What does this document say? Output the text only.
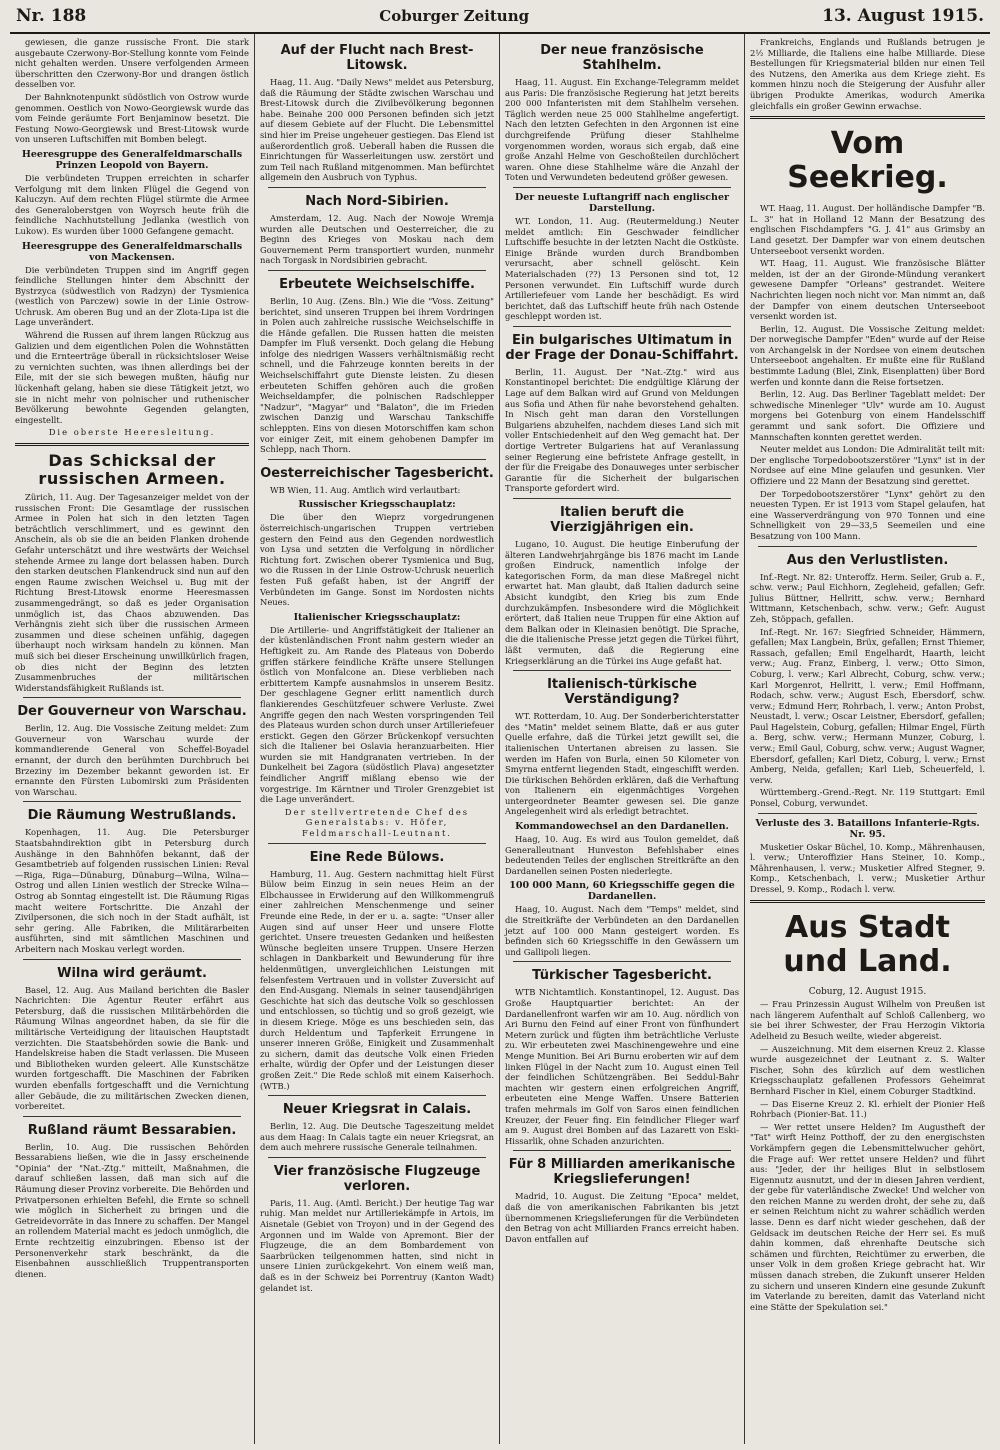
Nr. 188	Coburger Zeitung	13. August 1915.

gewiesen, die ganze russische Front. Die stark ausgebaute Czerwony-Bor-Stellung konnte vom Feinde nicht gehalten werden. Unsere verfolgenden Armeen überschritten den Czerwony-Bor und drangen östlich desselben vor.

Der Bahnknotenpunkt südöstlich von Ostrow wurde genommen. Oestlich von Nowo-Georgiewsk wurde das vom Feinde geräumte Fort Benjaminow besetzt. Die Festung Nowo-Georgiewsk und Brest-Litowsk wurde von unseren Luftschiffen mit Bomben belegt.

Heeresgruppe des Generalfeldmarschalls Prinzen Leopold von Bayern.

Die verbündeten Truppen erreichten in scharfer Verfolgung mit dem linken Flügel die Gegend von Kaluczyn. Auf dem rechten Flügel stürmte die Armee des Generaloberstgen von Woyrsch heute früh die feindliche Nachhutstellung Jedlanka (westlich von Lukow). Es wurden über 1000 Gefangene gemacht.

Heeresgruppe des Generalfeldmarschalls von Mackensen.

Die verbündeten Truppen sind im Angriff gegen feindliche Stellungen hinter dem Abschnitt der Bystrzyca (südwestlich von Radzyn) der Tysmienica (westlich von Parczew) sowie in der Linie Ostrow-Uchrusk. Am oberen Bug und an der Zlota-Lipa ist die Lage unverändert.

Während die Russen auf ihrem langen Rückzug aus Galizien und dem eigentlichen Polen die Wohnstätten und die Ernteerträge überall in rücksichtsloser Weise zu vernichten suchten, was ihnen allerdings bei der Eile, mit der sie sich bewegen mußten, häufig nur lückenhaft gelang, haben sie diese Tätigkeit jetzt, wo sie in nicht mehr von polnischer und ruthenischer Bevölkerung bewohnte Gegenden gelangten, eingestellt.

Die oberste Heeresleitung.
Das Schicksal der russischen Armeen.

Zürich, 11. Aug. Der Tagesanzeiger meldet von der russischen Front: Die Gesamtlage der russischen Armee in Polen hat sich in den letzten Tagen beträchtlich verschlimmert, und es gewinnt den Anschein, als ob sie die an beiden Flanken drohende Gefahr unterschätzt und ihre westwärts der Weichsel stehende Armee zu lange dort belassen haben. Durch den starken deutschen Flankendruck sind nun auf den engen Raume zwischen Weichsel u. Bug mit der Richtung Brest-Litowsk enorme Heeresmassen zusammengedrängt, so daß es jeder Organisation unmöglich ist, das Chaos abzuwenden. Das Verhängnis zieht sich über die russischen Armeen zusammen und diese scheinen unfähig, dagegen überhaupt noch wirksam handeln zu können. Man muß sich bei dieser Erscheinung unwillkürlich fragen, ob dies nicht der Beginn des letzten Zusammenbruches der militärischen Widerstandsfähigkeit Rußlands ist.

Der Gouverneur von Warschau.

Berlin, 12. Aug. Die Vossische Zeitung meldet: Zum Gouverneur von Warschau wurde der kommandierende General von Scheffel-Boyadel ernannt, der durch den berühmten Durchbruch bei Brzeziny im Dezember bekannt geworden ist. Er ernannte den Fürsten Lubomirski zum Präsidenten von Warschau.

Die Räumung Westrußlands.

Kopenhagen, 11. Aug. Die Petersburger Staatsbahndirektion gibt in Petersburg durch Aushänge in den Bahnhöfen bekannt, daß der Gesamtbetrieb auf folgenden russischen Linien: Reval—Riga, Riga—Dünaburg, Dünaburg—Wilna, Wilna—Ostrog und allen Linien westlich der Strecke Wilna—Ostrog ab Sonntag eingestellt ist. Die Räumung Rigas macht weitere Fortschritte. Die Anzahl der Zivilpersonen, die sich noch in der Stadt aufhält, ist sehr gering. Alle Fabriken, die Militärarbeiten ausführten, sind mit sämtlichen Maschinen und Arbeitern nach Moskau verlegt worden.

Wilna wird geräumt.

Basel, 12. Aug. Aus Mailand berichten die Basler Nachrichten: Die Agentur Reuter erfährt aus Petersburg, daß die russischen Militärbehörden die Räumung Wilnas angeordnet haben, da sie für die militärische Verteidigung der litauischen Hauptstadt verzichten. Die Staatsbehörden sowie die Bank- und Handelskreise haben die Stadt verlassen. Die Museen und Bibliotheken wurden geleert. Alle Kunstschätze wurden fortgeschafft. Die Maschinen der Fabriken wurden ebenfalls fortgeschafft und die Vernichtung aller Gebäude, die zu militärischen Zwecken dienen, vorbereitet.

Rußland räumt Bessarabien.

Berlin, 10. Aug. Die russischen Behörden Bessarabiens ließen, wie die in Jassy erscheinende "Opinia" der "Nat.-Ztg." mitteilt, Maßnahmen, die darauf schließen lassen, daß man sich auf die Räumung dieser Provinz vorbereite. Die Behörden und Privatpersonen erhielten Befehl, die Ernte so schnell wie möglich in Sicherheit zu bringen und die Getreidevorräte in das Innere zu schaffen. Der Mangel an rollendem Material macht es jedoch unmöglich, die Ernte rechtzeitig einzubringen. Ebenso ist der Personenverkehr stark beschränkt, da die Eisenbahnen ausschließlich Truppentransporten dienen.

Auf der Flucht nach Brest-Litowsk.

Haag, 11. Aug. "Daily News" meldet aus Petersburg, daß die Räumung der Städte zwischen Warschau und Brest-Litowsk durch die Zivilbevölkerung begonnen habe. Beinahe 200 000 Personen befinden sich jetzt auf diesem Gebiete auf der Flucht. Die Lebensmittel sind hier im Preise ungeheuer gestiegen. Das Elend ist außerordentlich groß. Ueberall haben die Russen die Einrichtungen für Wasserleitungen usw. zerstört und zum Teil nach Rußland mitgenommen. Man befürchtet allgemein den Ausbruch von Typhus.

Nach Nord-Sibirien.

Amsterdam, 12. Aug. Nach der Nowoje Wremja wurden alle Deutschen und Oesterreicher, die zu Beginn des Krieges von Moskau nach dem Gouvernement Perm transportiert wurden, nunmehr nach Torgask in Nordsibirien gebracht.

Erbeutete Weichselschiffe.

Berlin, 10 Aug. (Zens. Bln.) Wie die "Voss. Zeitung" berichtet, sind unseren Truppen bei ihrem Vordringen in Polen auch zahlreiche russische Weichselschiffe in die Hände gefallen. Die Russen hatten die meisten Dampfer im Fluß versenkt. Doch gelang die Hebung infolge des niedrigen Wassers verhältnismäßig recht schnell, und die Fahrzeuge konnten bereits in der Weichselschiffahrt gute Dienste leisten. Zu diesen erbeuteten Schiffen gehören auch die großen Weichseldampfer, die polnischen Radschlepper "Nadzur", "Magyar" und "Balaton", die im Frieden zwischen Danzig und Warschau Tankschiffe schleppten. Eins von diesen Motorschiffen kam schon vor einiger Zeit, mit einem gehobenen Dampfer im Schlepp, nach Thorn.

Oesterreichischer Tagesbericht.

WB Wien, 11. Aug. Amtlich wird verlautbart:

Russischer Kriegsschauplatz:

Die über den Wieprz vorgedrungenen österreichisch-ungarischen Truppen vertrieben gestern den Feind aus den Gegenden nordwestlich von Lysa und setzten die Verfolgung in nördlicher Richtung fort. Zwischen oberer Tysmienica und Bug, wo die Russen in der Linie Ostrow-Uchrusk neuerlich festen Fuß gefaßt haben, ist der Angriff der Verbündeten im Gange. Sonst im Nordosten nichts Neues.

Italienischer Kriegsschauplatz:

Die Artillerie- und Angriffstätigkeit der Italiener an der küstenländischen Front nahm gestern wieder an Heftigkeit zu. Am Rande des Plateaus von Doberdo griffen stärkere feindliche Kräfte unsere Stellungen östlich von Monfalcone an. Diese verblieben nach erbittertem Kampfe ausnahmslos in unserem Besitz. Der geschlagene Gegner erlitt namentlich durch flankierendes Geschützfeuer schwere Verluste. Zwei Angriffe gegen den nach Westen vorspringenden Teil des Plateaus wurden schon durch unser Artilleriefeuer erstickt. Gegen den Görzer Brückenkopf versuchten sich die Italiener bei Oslavia heranzuarbeiten. Hier wurden sie mit Handgranaten vertrieben. In der Dunkelheit bei Zagora (südöstlich Plava) angesetzter feindlicher Angriff mißlang ebenso wie der vorgestrige. Im Kärntner und Tiroler Grenzgebiet ist die Lage unverändert.

Der stellvertretende Chef des Generalstabs: v. Höfer, Feldmarschall-Leutnant.
Eine Rede Bülows.

Hamburg, 11. Aug. Gestern nachmittag hielt Fürst Bülow beim Einzug in sein neues Heim an der Elbchaussee in Erwiderung auf den Willkommengruß einer zahlreichen Menschenmenge und seiner Freunde eine Rede, in der er u. a. sagte: "Unser aller Augen sind auf unser Heer und unsere Flotte gerichtet. Unsere treuesten Gedanken und heißesten Wünsche begleiten unsere Truppen. Unsere Herzen schlagen in Dankbarkeit und Bewunderung für ihre heldenmütigen, unvergleichlichen Leistungen mit felsenfestem Vertrauen und in vollster Zuversicht auf den End-Ausgang. Niemals in seiner tausendjährigen Geschichte hat sich das deutsche Volk so geschlossen und entschlossen, so tüchtig und so groß gezeigt, wie in diesem Kriege. Möge es uns beschieden sein, das durch Heldentum und Tapferkeit Errungene in unserer inneren Größe, Einigkeit und Zusammenhalt zu sichern, damit das deutsche Volk einen Frieden erhalte, würdig der Opfer und der Leistungen dieser großen Zeit." Die Rede schloß mit einem Kaiserhoch. (WTB.)

Neuer Kriegsrat in Calais.

Berlin, 12. Aug. Die Deutsche Tageszeitung meldet aus dem Haag: In Calais tagte ein neuer Kriegsrat, an dem auch mehrere russische Generale teilnahmen.

Vier französische Flugzeuge verloren.

Paris, 11. Aug. (Amtl. Bericht.) Der heutige Tag war ruhig. Man meldet nur Artilleriekämpfe in Artois, im Aisnetale (Gebiet von Troyon) und in der Gegend des Argonnen und im Walde von Apremont. Bier der Flugzeuge, die an dem Bombardement von Saarbrücken teilgenommen hatten, sind nicht in unsere Linien zurückgekehrt. Von einem weiß man, daß es in der Schweiz bei Porrentruy (Kanton Wadt) gelandet ist.

Der neue französische Stahlhelm.

Haag, 11. August. Ein Exchange-Telegramm meldet aus Paris: Die französische Regierung hat jetzt bereits 200 000 Infanteristen mit dem Stahlhelm versehen. Täglich werden neue 25 000 Stahlhelme angefertigt. Nach den letzten Gefechten in den Argonnen ist eine durchgreifende Prüfung dieser Stahlhelme vorgenommen worden, woraus sich ergab, daß eine große Anzahl Helme von Geschoßteilen durchlöchert waren. Ohne diese Stahlhelme wäre die Anzahl der Toten und Verwundeten bedeutend größer gewesen.

Der neueste Luftangriff nach englischer Darstellung.

WT. London, 11. Aug. (Reutermeldung.) Neuter meldet amtlich: Ein Geschwader feindlicher Luftschiffe besuchte in der letzten Nacht die Ostküste. Einige Brände wurden durch Brandbomben verursacht, aber schnell gelöscht. Kein Materialschaden (??) 13 Personen sind tot, 12 Personen verwundet. Ein Luftschiff wurde durch Artilleriefeuer vom Lande her beschädigt. Es wird berichtet, daß das Luftschiff heute früh nach Ostende geschleppt worden ist.

Ein bulgarisches Ultimatum in der Frage der Donau-Schiffahrt.

Berlin, 11. August. Der "Nat.-Ztg." wird aus Konstantinopel berichtet: Die endgültige Klärung der Lage auf dem Balkan wird auf Grund von Meldungen aus Sofia und Athen für nahe bevorstehend gehalten. In Nisch geht man daran den Vorstellungen Bulgariens abzuhelfen, nachdem dieses Land sich mit voller Entschiedenheit auf den Weg gemacht hat. Der dortige Vertreter Bulgariens hat auf Veranlassung seiner Regierung eine befristete Anfrage gestellt, in der für die Freigabe des Donauweges unter serbischer Garantie für die Sicherheit der bulgarischen Transporte gefordert wird.

Italien beruft die Vierzigjährigen ein.

Lugano, 10. August. Die heutige Einberufung der älteren Landwehrjahrgänge bis 1876 macht im Lande großen Eindruck, namentlich infolge der kategorischen Form, da man diese Maßregel nicht erwartet hat. Man glaubt, daß Italien dadurch seine Absicht kundgibt, den Krieg bis zum Ende durchzukämpfen. Insbesondere wird die Möglichkeit erörtert, daß Italien neue Truppen für eine Aktion auf dem Balkan oder in Kleinasien benötigt. Die Sprache, die die italienische Presse jetzt gegen die Türkei führt, läßt vermuten, daß die Regierung eine Kriegserklärung an die Türkei ins Auge gefaßt hat.

Italienisch-türkische Verständigung?

WT. Rotterdam, 10. Aug. Der Sonderberichterstatter des "Matin" meldet seinem Blatte, daß er aus guter Quelle erfahre, daß die Türkei jetzt gewillt sei, die italienischen Untertanen abreisen zu lassen. Sie werden im Hafen von Burla, einen 50 Kilometer von Smyrna entfernt liegenden Stadt, eingeschifft werden. Die türkischen Behörden erklären, daß die Verhaftung von Italienern ein eigenmächtiges Vorgehen untergeordneter Beamter gewesen sei. Die ganze Angelegenheit wird als erledigt betrachtet.

Kommandowechsel an den Dardanellen.

Haag, 10. Aug. Es wird aus Toulon gemeldet, daß Generalleutnant Hunveston Befehlshaber eines bedeutenden Teiles der englischen Streitkräfte an den Dardanellen seinen Posten niederlegte.

100 000 Mann, 60 Kriegsschiffe gegen die Dardanellen.

Haag, 10. August. Nach dem "Temps" meldet, sind die Streitkräfte der Verbündeten an den Dardanellen jetzt auf 100 000 Mann gesteigert worden. Es befinden sich 60 Kriegsschiffe in den Gewässern um und Gallipoli liegen.

Türkischer Tagesbericht.

WTB Nichtamtlich. Konstantinopel, 12. August. Das Große Hauptquartier berichtet: An der Dardanellenfront warfen wir am 10. Aug. nördlich von Ari Burnu den Feind auf einer Front von fünfhundert Metern zurück und fügten ihm beträchtliche Verluste zu. Wir erbeuteten zwei Maschinengewehre und eine Menge Munition. Bei Ari Burnu eroberten wir auf dem linken Flügel in der Nacht zum 10. August einen Teil der feindlichen Schützengräben. Bei Seddul-Bahr machten wir gestern einen erfolgreichen Angriff, erbeuteten eine Menge Waffen. Unsere Batterien trafen mehrmals im Golf von Saros einen feindlichen Kreuzer, der Feuer fing. Ein feindlicher Flieger warf am 9. August drei Bomben auf das Lazarett von Eski-Hissarlik, ohne Schaden anzurichten.

Für 8 Milliarden amerikanische Kriegslieferungen!

Madrid, 10. August. Die Zeitung "Epoca" meldet, daß die von amerikanischen Fabrikanten bis jetzt übernommenen Kriegslieferungen für die Verbündeten den Betrag von acht Milliarden Francs erreicht haben. Davon entfallen auf

Frankreichs, Englands und Rußlands betrugen je 2½ Milliarde, die Italiens eine halbe Milliarde. Diese Bestellungen für Kriegsmaterial bilden nur einen Teil des Nutzens, den Amerika aus dem Kriege zieht. Es kommen hinzu noch die Steigerung der Ausfuhr aller übrigen Produkte Amerikas, wodurch Amerika gleichfalls ein großer Gewinn erwachse.

Vom Seekrieg.

WT. Haag, 11. August. Der holländische Dampfer "B. L. 3" hat in Holland 12 Mann der Besatzung des englischen Fischdampfers "G. J. 41" aus Grimsby an Land gesetzt. Der Dampfer war von einem deutschen Unterseeboot versenkt worden.

WT. Haag, 11. August. Wie französische Blätter melden, ist der an der Gironde-Mündung verankert gewesene Dampfer "Orleans" gestrandet. Weitere Nachrichten liegen noch nicht vor. Man nimmt an, daß der Dampfer von einem deutschen Unterseeboot versenkt worden ist.

Berlin, 12. August. Die Vossische Zeitung meldet: Der norwegische Dampfer "Eden" wurde auf der Reise von Archangelsk in der Nordsee von einem deutschen Unterseeboot angehalten. Er mußte eine für Rußland bestimmte Ladung (Blei, Zink, Eisenplatten) über Bord werfen und konnte dann die Reise fortsetzen.

Berlin, 12. Aug. Das Berliner Tageblatt meldet: Der schwedische Minenleger "Ulv" wurde am 10. August morgens bei Gotenburg von einem Handelsschiff gerammt und sank sofort. Die Offiziere und Mannschaften konnten gerettet werden.

Neuter meldet aus London: Die Admiralität teilt mit: Der englische Torpedobootszerstörer "Lynx" ist in der Nordsee auf eine Mine gelaufen und gesunken. Vier Offiziere und 22 Mann der Besatzung sind gerettet.

Der Torpedobootszerstörer "Lynx" gehört zu den neuesten Typen. Er ist 1913 vom Stapel gelaufen, hat eine Wasserverdrängung von 970 Tonnen und eine Schnelligkeit von 29—33,5 Seemeilen und eine Besatzung von 100 Mann.

Aus den Verlustlisten.

Inf.-Regt. Nr. 82: Unteroffz. Herm. Seiler, Grub a. F., schw. verw.; Paul Eichhorn, Zegleheid, gefallen; Gefr. Julius Büttner, Hellritt, schw. verw.; Bernhard Wittmann, Ketschenbach, schw. verw.; Gefr. August Zeh, Stöppach, gefallen.

Inf.-Regt. Nr. 167: Siegfried Schneider, Hämmern, gefallen; Max Langbein, Brüx, gefallen; Ernst Thiemer, Rassach, gefallen; Emil Engelhardt, Haarth, leicht verw.; Aug. Franz, Einberg, l. verw.; Otto Simon, Coburg, l. verw.; Karl Albrecht, Coburg, schw. verw.; Karl Morgenrot, Hellritt, l. verw.; Emil Hoffmann, Rodach, schw. verw.; August Esch, Ebersdorf, schw. verw.; Edmund Herr, Rohrbach, l. verw.; Anton Probst, Neustadt, l. verw.; Oscar Leistner, Ebersdorf, gefallen; Paul Hagelstein, Coburg, gefallen; Hilmar Engel, Fürth a. Berg, schw. verw.; Hermann Munzer, Coburg, l. verw.; Emil Gaul, Coburg, schw. verw.; August Wagner, Ebersdorf, gefallen; Karl Dietz, Coburg, l. verw.; Ernst Amberg, Neida, gefallen; Karl Lieb, Scheuerfeld, l. verw.

Württemberg.-Grend.-Regt. Nr. 119 Stuttgart: Emil Ponsel, Coburg, verwundet.

Verluste des 3. Bataillons Infanterie-Rgts. Nr. 95.

Musketier Oskar Büchel, 10. Komp., Mährenhausen, l. verw.; Unteroffizier Hans Steiner, 10. Komp., Mährenhausen, l. verw.; Musketier Alfred Stegner, 9. Komp., Ketschenbach, l. verw.; Musketier Arthur Dressel, 9. Komp., Rodach l. verw.

Aus Stadt und Land.
Coburg, 12. August 1915.

— Frau Prinzessin August Wilhelm von Preußen ist nach längerem Aufenthalt auf Schloß Callenberg, wo sie bei ihrer Schwester, der Frau Herzogin Viktoria Adelheid zu Besuch weilte, wieder abgereist.

— Auszeichnung. Mit dem eisernen Kreuz 2. Klasse wurde ausgezeichnet der Leutnant z. S. Walter Fischer, Sohn des kürzlich auf dem westlichen Kriegsschauplatz gefallenen Professors Geheimrat Bernhard Fischer in Kiel, einem Coburger Stadtkind.

— Das Eiserne Kreuz 2. Kl. erhielt der Pionier Heß Rohrbach (Pionier-Bat. 11.)

— Wer rettet unsere Helden? Im Augustheft der "Tat" wirft Heinz Potthoff, der zu den energischsten Vorkämpfern gegen die Lebensmittelwucher gehört, die Frage auf: Wer rettet unsere Helden? und führt aus: "Jeder, der ihr heiliges Blut in selbstlosem Eigennutz ausnutzt, und der in diesen Jahren verdient, der gebe für vaterländische Zwecke! Und welcher von den reichen Manne zu werden droht, der sehe zu, daß er seinen Reichtum nicht zu wahrer schädlich werden lasse. Denn es darf nicht wieder geschehen, daß der Geldsack im deutschen Reiche der Herr sei. Es muß dahin kommen, daß ehrenhafte Deutsche sich schämen und fürchten, Reichtümer zu erwerben, die unser Volk in dem großen Kriege gebracht hat. Wir müssen danach streben, die Zukunft unserer Helden zu sichern und unseren Kindern eine gesunde Zukunft im Vaterlande zu bereiten, damit das Vaterland nicht eine Stätte der Spekulation sei."
